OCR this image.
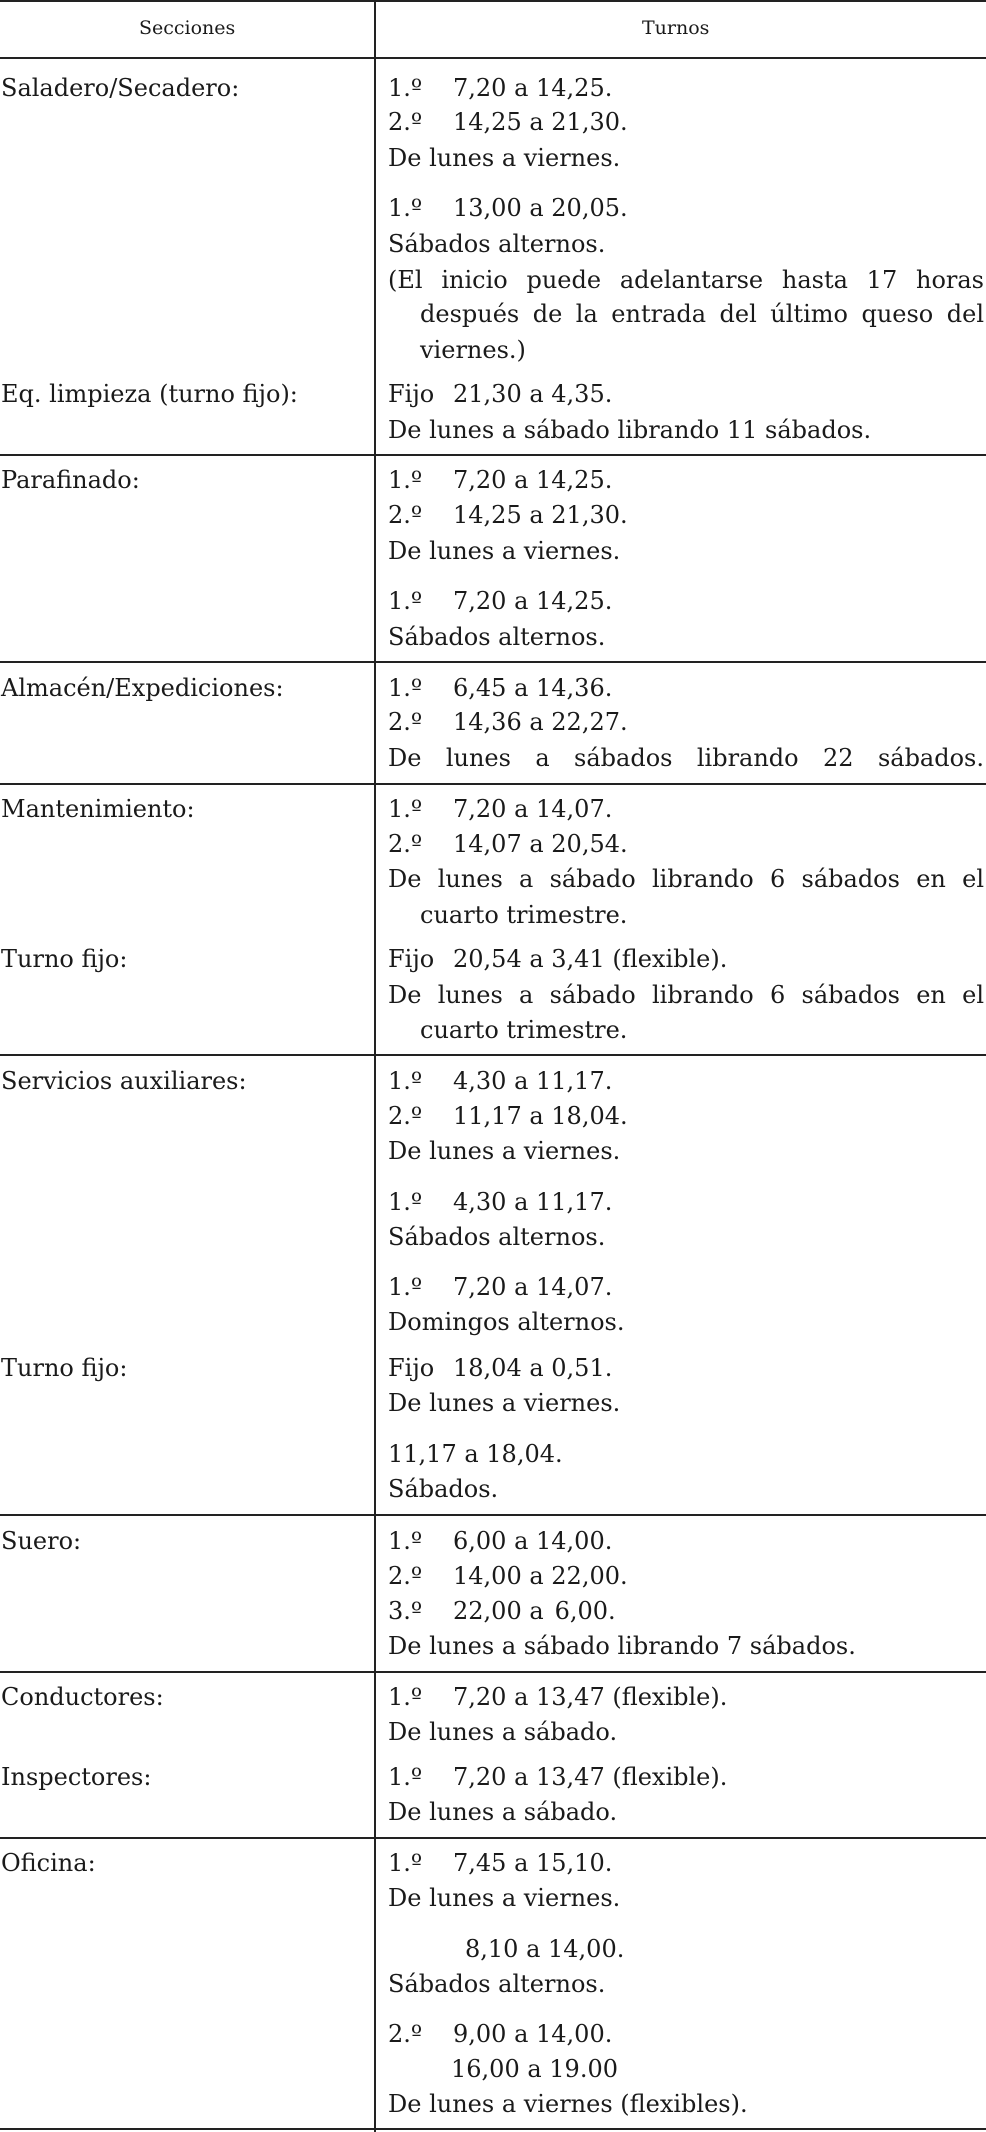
Secciones	Turnos
Saladero/Secadero:	1.º 7,20 a 14,25.
2.º 14,25 a 21,30.
De lunes a viernes.
1.º 13,00 a 20,05.
Sábados alternos.
(El inicio puede adelantarse hasta 17 horas
después de la entrada del último queso del
viernes.)
Eq. limpieza (turno fijo):	Fijo 21,30 a 4,35.
De lunes a sábado librando 11 sábados.
Parafinado:	1.º 7,20 a 14,25.
2.º 14,25 a 21,30.
De lunes a viernes.
1.º 7,20 a 14,25.
Sábados alternos.
Almacén/Expediciones:	1.º 6,45 a 14,36.
2.º 14,36 a 22,27.
De lunes a sábados librando 22 sábados.
Mantenimiento:	1.º 7,20 a 14,07.
2.º 14,07 a 20,54.
De lunes a sábado librando 6 sábados en el
cuarto trimestre.
Turno fijo:	Fijo 20,54 a 3,41 (flexible).
De lunes a sábado librando 6 sábados en el
cuarto trimestre.
Servicios auxiliares:	1.º 4,30 a 11,17.
2.º 11,17 a 18,04.
De lunes a viernes.
1.º 4,30 a 11,17.
Sábados alternos.
1.º 7,20 a 14,07.
Domingos alternos.
Turno fijo:	Fijo 18,04 a 0,51.
De lunes a viernes.
11,17 a 18,04.
Sábados.
Suero:	1.º 6,00 a 14,00.
2.º 14,00 a 22,00.
3.º 22,00 a 6,00.
De lunes a sábado librando 7 sábados.
Conductores:	1.º 7,20 a 13,47 (flexible).
De lunes a sábado.
Inspectores:	1.º 7,20 a 13,47 (flexible).
De lunes a sábado.
Oficina:	1.º 7,45 a 15,10.
De lunes a viernes.
8,10 a 14,00.
Sábados alternos.
2.º 9,00 a 14,00.
16,00 a 19.00
De lunes a viernes (flexibles).
